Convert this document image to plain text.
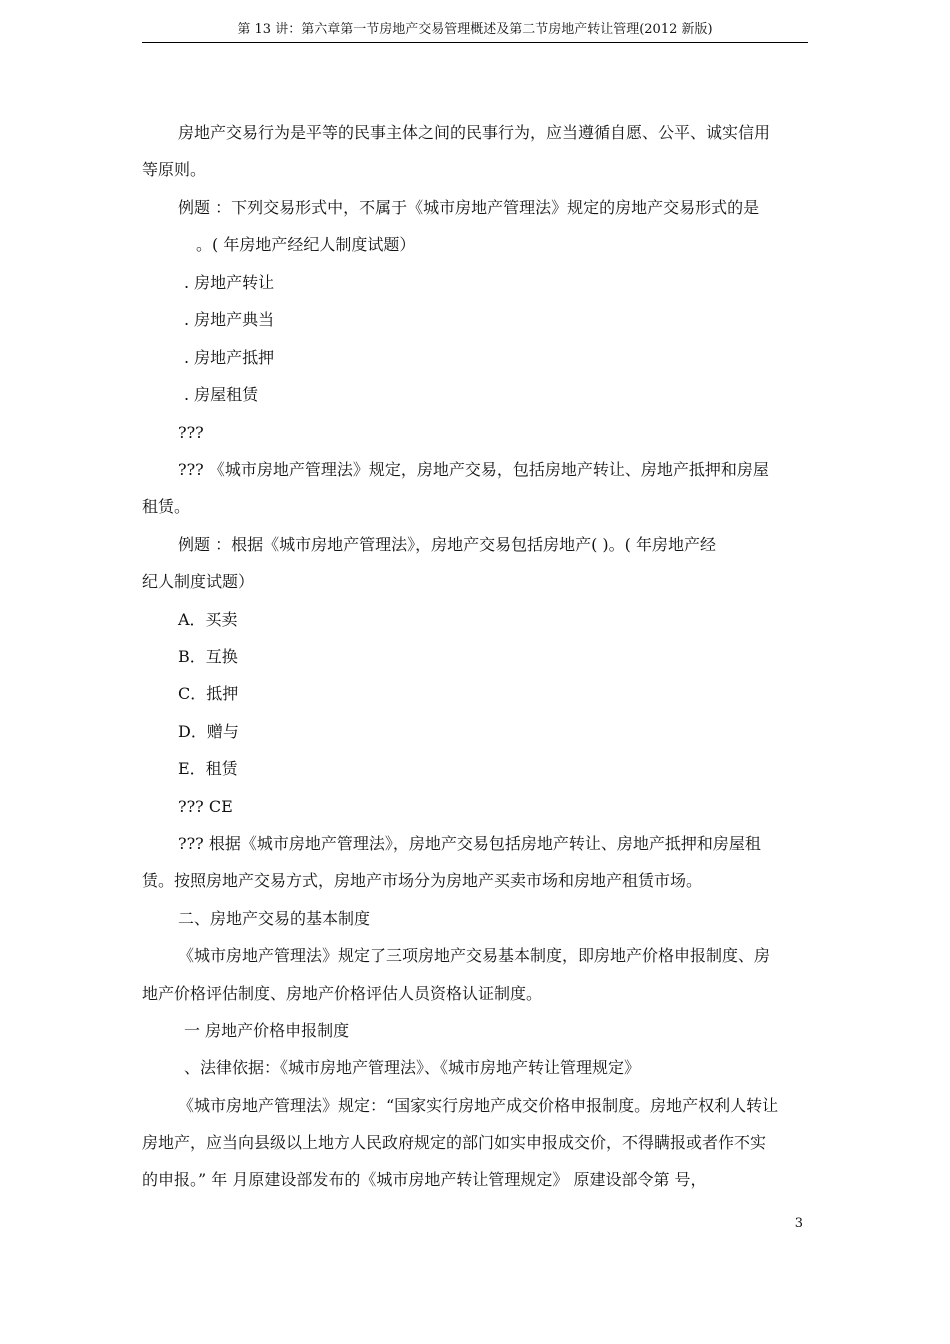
第 13 讲：第六章第一节房地产交易管理概述及第二节房地产转让管理(2012 新版)
房地产交易行为是平等的民事主体之间的民事行为，应当遵循自愿、公平、诚实信用
等原则。
例题 ：下列交易形式中，不属于《城市房地产管理法》规定的房地产交易形式的是
。( 年房地产经纪人制度试题）
. 房地产转让
. 房地产典当
. 房地产抵押
. 房屋租赁
???
??? 《城市房地产管理法》规定，房地产交易，包括房地产转让、房地产抵押和房屋
租赁。
例题 ：根据《城市房地产管理法》，房地产交易包括房地产( )。( 年房地产经
纪人制度试题）
A．买卖
B．互换
C．抵押
D．赠与
E．租赁
??? CE
??? 根据《城市房地产管理法》，房地产交易包括房地产转让、房地产抵押和房屋租
赁。按照房地产交易方式，房地产市场分为房地产买卖市场和房地产租赁市场。
二、房地产交易的基本制度
《城市房地产管理法》规定了三项房地产交易基本制度，即房地产价格申报制度、房
地产价格评估制度、房地产价格评估人员资格认证制度。
一 房地产价格申报制度
、法律依据：《城市房地产管理法》、《城市房地产转让管理规定》
《城市房地产管理法》规定：“国家实行房地产成交价格申报制度。房地产权利人转让
房地产，应当向县级以上地方人民政府规定的部门如实申报成交价，不得瞒报或者作不实
的申报。” 年 月原建设部发布的《城市房地产转让管理规定》 原建设部令第 号，
3
